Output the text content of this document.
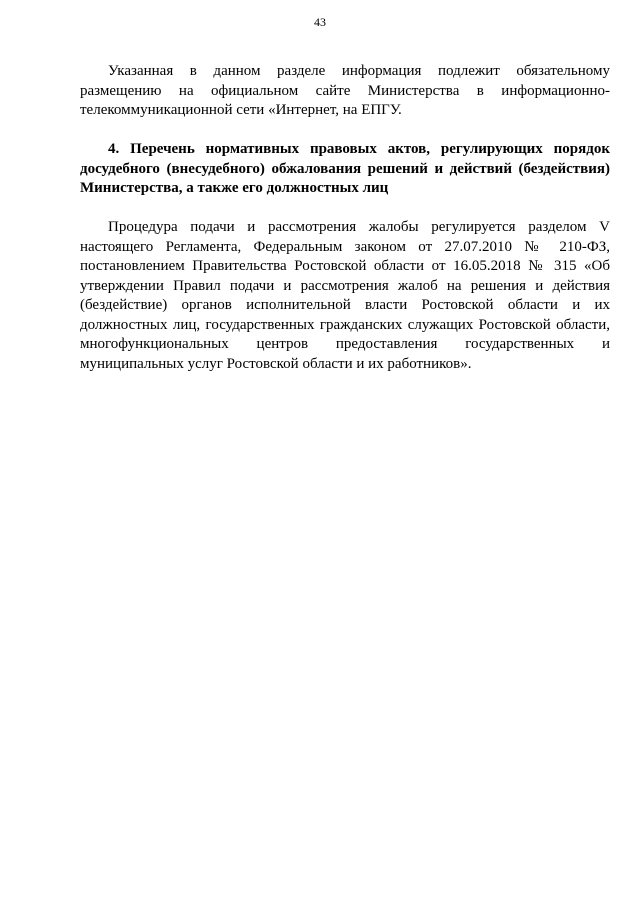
43

Указанная в данном разделе информация подлежит обязательному размещению на официальном сайте Министерства в информационно-телекоммуникационной сети «Интернет, на ЕПГУ.

4. Перечень нормативных правовых актов, регулирующих порядок досудебного (внесудебного) обжалования решений и действий (бездействия) Министерства, а также его должностных лиц

Процедура подачи и рассмотрения жалобы регулируется разделом V настоящего Регламента, Федеральным законом от 27.07.2010 № 210-ФЗ, постановлением Правительства Ростовской области от 16.05.2018 № 315 «Об утверждении Правил подачи и рассмотрения жалоб на решения и действия (бездействие) органов исполнительной власти Ростовской области и их должностных лиц, государственных гражданских служащих Ростовской области, многофункциональных центров предоставления государственных и муниципальных услуг Ростовской области и их работников».
